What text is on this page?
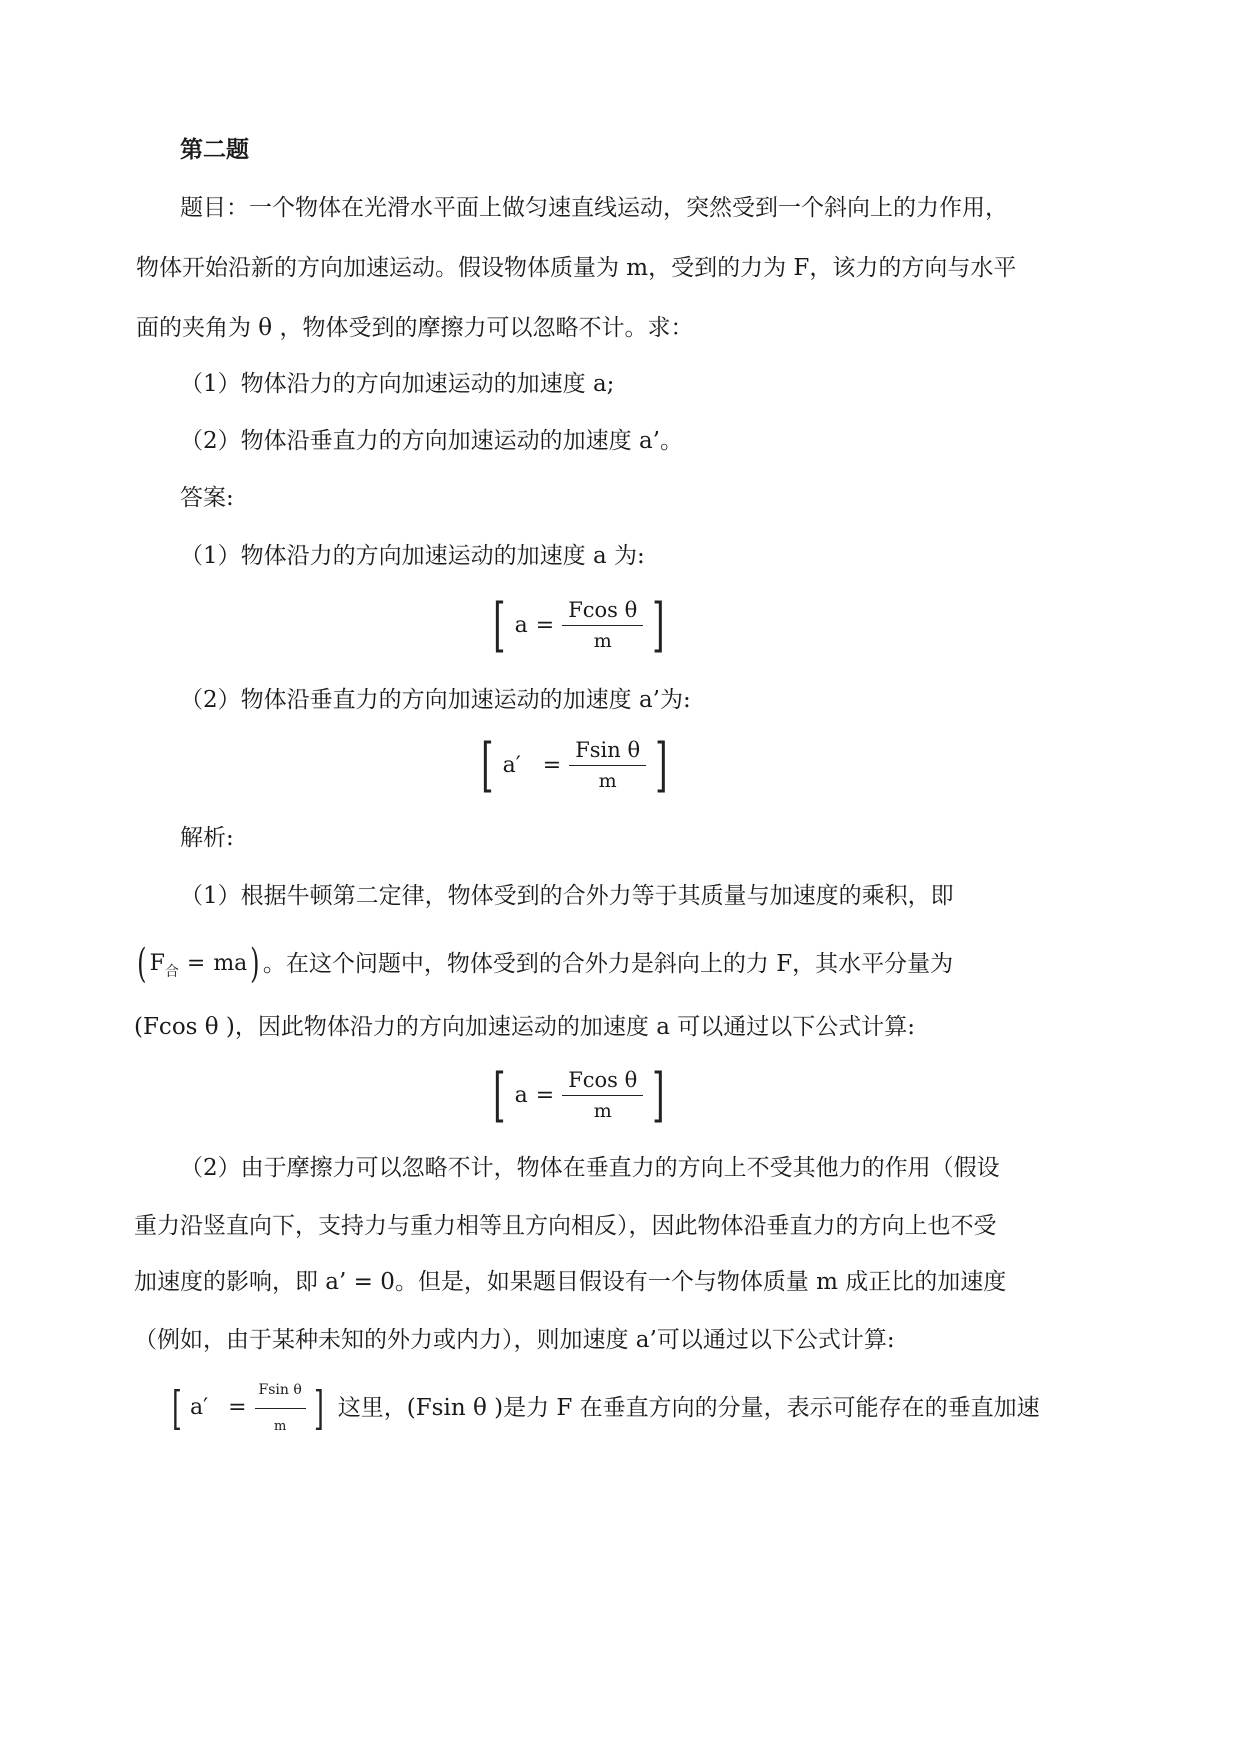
第二题
题目：一个物体在光滑水平面上做匀速直线运动，突然受到一个斜向上的力作用，
物体开始沿新的方向加速运动。假设物体质量为 m，受到的力为 F，该力的方向与水平
面的夹角为 θ ，物体受到的摩擦力可以忽略不计。求：
（1）物体沿力的方向加速运动的加速度 a;
（2）物体沿垂直力的方向加速运动的加速度 a’。
答案:
（1）物体沿力的方向加速运动的加速度 a 为:
[ $a = \frac{\text{Fcos θ}}{m}$ ]
（2）物体沿垂直力的方向加速运动的加速度 a’为:
[ $a' = \frac{\text{Fsin θ}}{m}$ ]
解析:
（1）根据牛顿第二定律，物体受到的合外力等于其质量与加速度的乘积，即
( F 合 = ma ) 。在这个问题中，物体受到的合外力是斜向上的力 F，其水平分量为
(Fcos θ )，因此物体沿力的方向加速运动的加速度 a 可以通过以下公式计算:
[ $a = \frac{\text{Fcos θ}}{m}$ ]
（2）由于摩擦力可以忽略不计，物体在垂直力的方向上不受其他力的作用（假设
重力沿竖直向下，支持力与重力相等且方向相反），因此物体沿垂直力的方向上也不受
加速度的影响，即 a’ = 0。但是，如果题目假设有一个与物体质量 m 成正比的加速度
（例如，由于某种未知的外力或内力），则加速度 a’可以通过以下公式计算:
[ $a' = \frac{\text{Fsin θ}}{m}$ ] 这里，(Fsin θ )是力 F 在垂直方向的分量，表示可能存在的垂直加速
